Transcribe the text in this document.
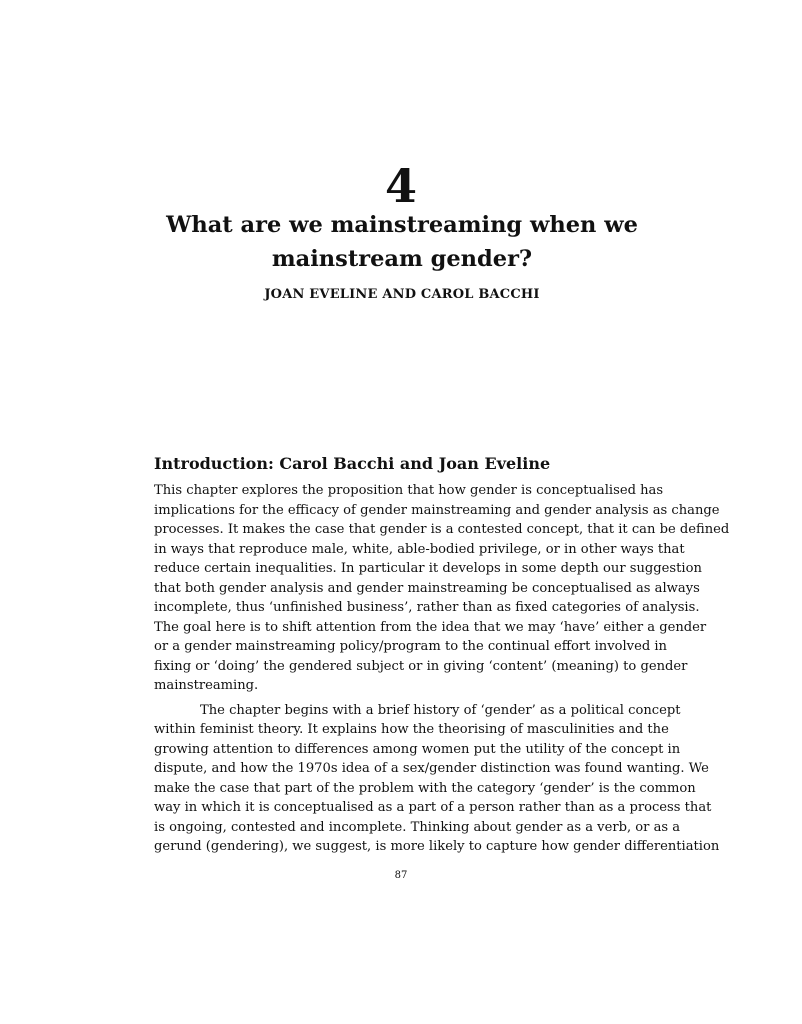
4
What are we mainstreaming when we
mainstream gender?
JOAN EVELINE AND CAROL BACCHI
Introduction: Carol Bacchi and Joan Eveline
This chapter explores the proposition that how gender is conceptualised has
implications for the efficacy of gender mainstreaming and gender analysis as change
processes. It makes the case that gender is a contested concept, that it can be defined
in ways that reproduce male, white, able-bodied privilege, or in other ways that
reduce certain inequalities. In particular it develops in some depth our suggestion
that both gender analysis and gender mainstreaming be conceptualised as always
incomplete, thus ‘unfinished business’, rather than as fixed categories of analysis.
The goal here is to shift attention from the idea that we may ‘have’ either a gender
or a gender mainstreaming policy/program to the continual effort involved in
fixing or ‘doing’ the gendered subject or in giving ‘content’ (meaning) to gender
mainstreaming.
The chapter begins with a brief history of ‘gender’ as a political concept
within feminist theory. It explains how the theorising of masculinities and the
growing attention to differences among women put the utility of the concept in
dispute, and how the 1970s idea of a sex/gender distinction was found wanting. We
make the case that part of the problem with the category ‘gender’ is the common
way in which it is conceptualised as a part of a person rather than as a process that
is ongoing, contested and incomplete. Thinking about gender as a verb, or as a
gerund (gendering), we suggest, is more likely to capture how gender differentiation
87
